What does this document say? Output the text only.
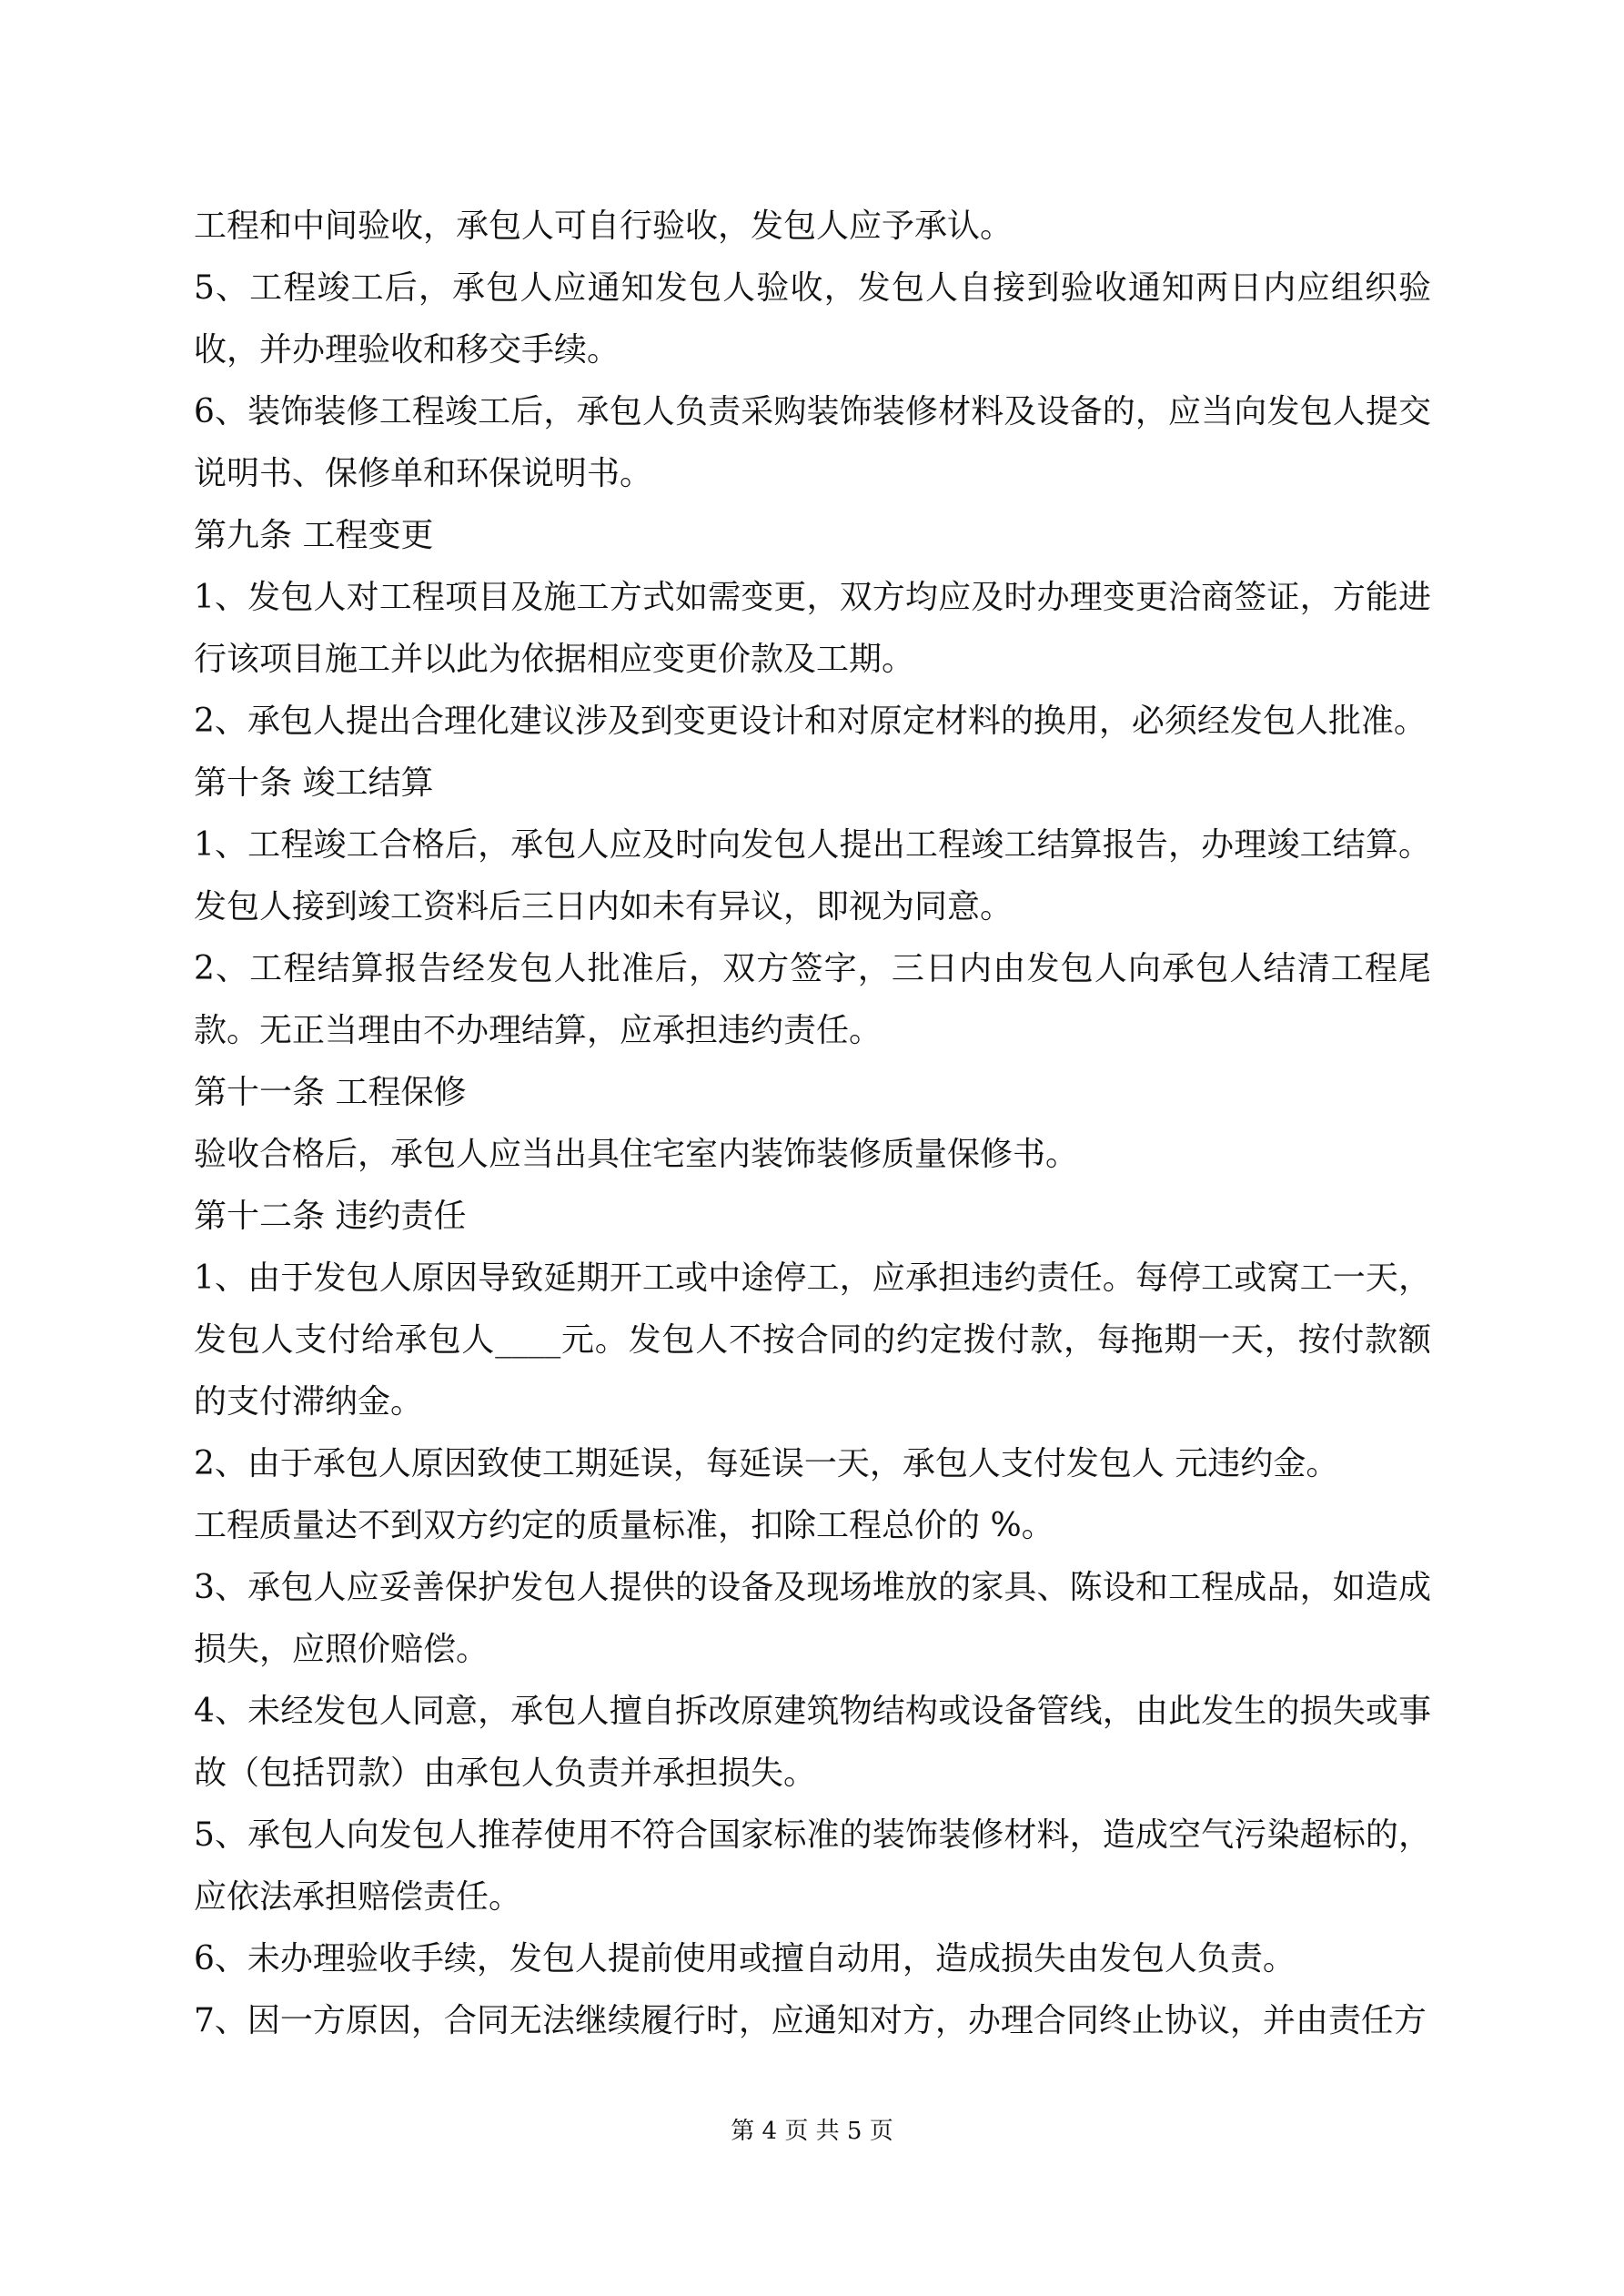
工程和中间验收，承包人可自行验收，发包人应予承认。

5、工程竣工后，承包人应通知发包人验收，发包人自接到验收通知两日内应组织验收，并办理验收和移交手续。

6、装饰装修工程竣工后，承包人负责采购装饰装修材料及设备的，应当向发包人提交说明书、保修单和环保说明书。

第九条 工程变更

1、发包人对工程项目及施工方式如需变更，双方均应及时办理变更洽商签证，方能进行该项目施工并以此为依据相应变更价款及工期。

2、承包人提出合理化建议涉及到变更设计和对原定材料的换用，必须经发包人批准。

第十条 竣工结算

1、工程竣工合格后，承包人应及时向发包人提出工程竣工结算报告，办理竣工结算。发包人接到竣工资料后三日内如未有异议，即视为同意。

2、工程结算报告经发包人批准后，双方签字，三日内由发包人向承包人结清工程尾款。无正当理由不办理结算，应承担违约责任。

第十一条 工程保修

验收合格后，承包人应当出具住宅室内装饰装修质量保修书。

第十二条 违约责任

1、由于发包人原因导致延期开工或中途停工，应承担违约责任。每停工或窝工一天，发包人支付给承包人____元。发包人不按合同的约定拨付款，每拖期一天，按付款额的支付滞纳金。

2、由于承包人原因致使工期延误，每延误一天，承包人支付发包人 元违约金。

工程质量达不到双方约定的质量标准，扣除工程总价的 %。

3、承包人应妥善保护发包人提供的设备及现场堆放的家具、陈设和工程成品，如造成损失，应照价赔偿。

4、未经发包人同意，承包人擅自拆改原建筑物结构或设备管线，由此发生的损失或事故（包括罚款）由承包人负责并承担损失。

5、承包人向发包人推荐使用不符合国家标准的装饰装修材料，造成空气污染超标的，应依法承担赔偿责任。

6、未办理验收手续，发包人提前使用或擅自动用，造成损失由发包人负责。

7、因一方原因，合同无法继续履行时，应通知对方，办理合同终止协议，并由责任方

第 4 页 共 5 页
